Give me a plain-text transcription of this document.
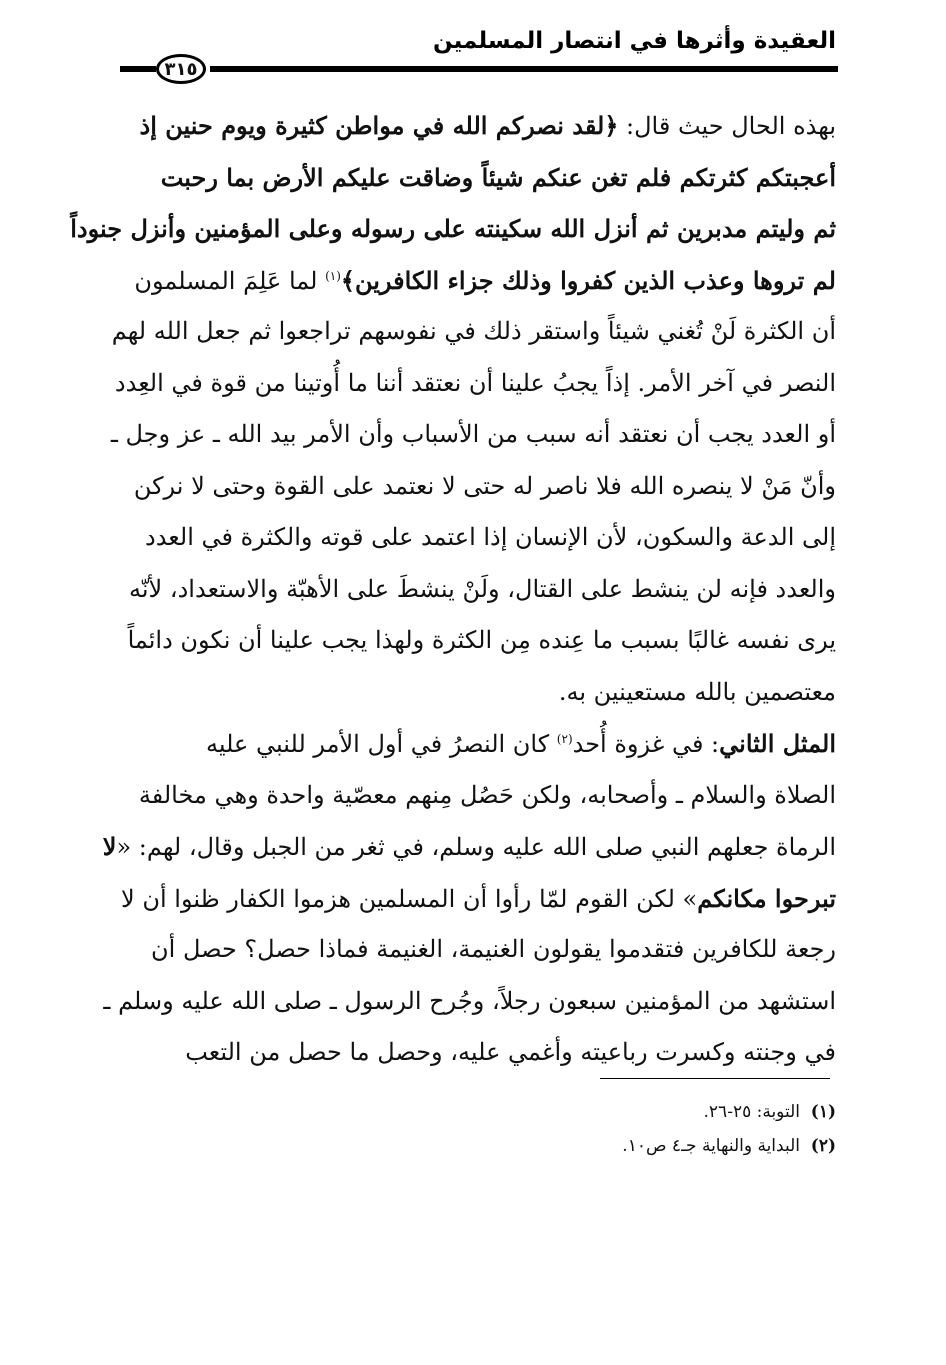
العقيدة وأثرها في انتصار المسلمين
٣١٥
بهذه الحال حيث قال: ﴿لقد نصركم الله في مواطن كثيرة ويوم حنين إذ
أعجبتكم كثرتكم فلم تغن عنكم شيئاً وضاقت عليكم الأرض بما رحبت
ثم وليتم مدبرين ثم أنزل الله سكينته على رسوله وعلى المؤمنين وأنزل جنوداً
لم تروها وعذب الذين كفروا وذلك جزاء الكافرين﴾$^{(١)}$ لما عَلِمَ المسلمون
أن الكثرة لَنْ تُغني شيئاً واستقر ذلك في نفوسهم تراجعوا ثم جعل الله لهم
النصر في آخر الأمر. إذاً يجبُ علينا أن نعتقد أننا ما أُوتينا من قوة في العِدد
أو العدد يجب أن نعتقد أنه سبب من الأسباب وأن الأمر بيد الله ـ عز وجل ـ
وأنّ مَنْ لا ينصره الله فلا ناصر له حتى لا نعتمد على القوة وحتى لا نركن
إلى الدعة والسكون، لأن الإنسان إذا اعتمد على قوته والكثرة في العدد
والعدد فإنه لن ينشط على القتال، ولَنْ ينشطَ على الأهبّة والاستعداد، لأنّه
يرى نفسه غالبًا بسبب ما عِنده مِن الكثرة ولهذا يجب علينا أن نكون دائماً
معتصمين بالله مستعينين به.
المثل الثاني: في غزوة أُحد$^{(٢)}$ كان النصرُ في أول الأمر للنبي عليه
الصلاة والسلام ـ وأصحابه، ولكن حَصُل مِنهم معصّية واحدة وهي مخالفة
الرماة جعلهم النبي صلى الله عليه وسلم، في ثغر من الجبل وقال، لهم: «لا
تبرحوا مكانكم» لكن القوم لمّا رأوا أن المسلمين هزموا الكفار ظنوا أن لا
رجعة للكافرين فتقدموا يقولون الغنيمة، الغنيمة فماذا حصل؟ حصل أن
استشهد من المؤمنين سبعون رجلاً، وجُرح الرسول ـ صلى الله عليه وسلم ـ
في وجنته وكسرت رباعيته وأغمي عليه، وحصل ما حصل من التعب
(١)التوبة: ٢٥-٢٦.
(٢)البداية والنهاية جـ٤ ص١٠.
